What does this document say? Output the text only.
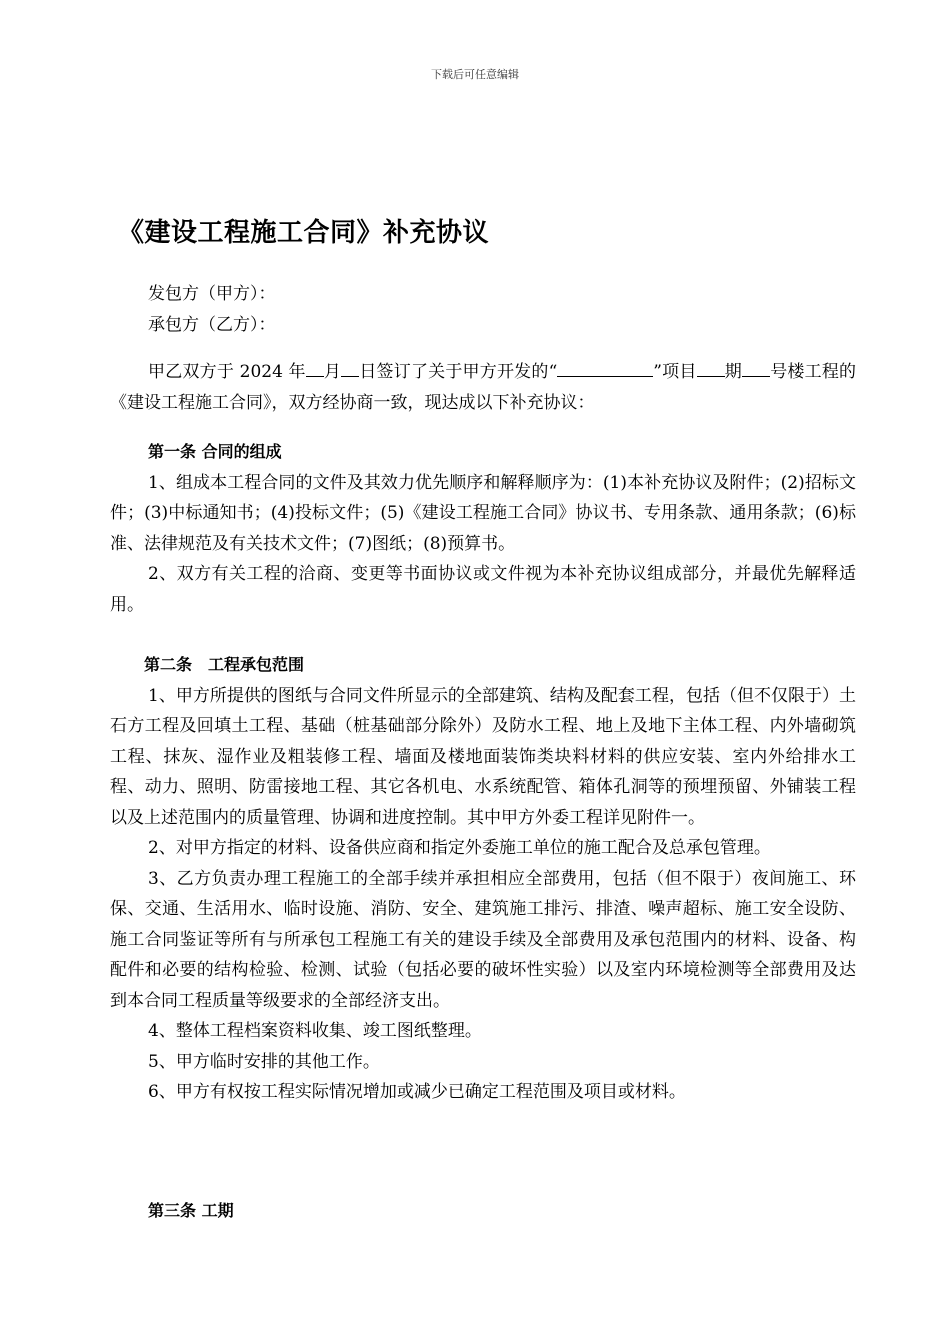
下载后可任意编辑
《建设工程施工合同》补充协议

发包方（甲方）：

承包方（乙方）：

甲乙双方于 2024 年 月 日签订了关于甲方开发的“	”项目 期 号楼工程的《建设工程施工合同》，双方经协商一致，现达成以下补充协议：

第一条 合同的组成

1、组成本工程合同的文件及其效力优先顺序和解释顺序为：(1)本补充协议及附件；(2)招标文件；(3)中标通知书；(4)投标文件；(5)《建设工程施工合同》协议书、专用条款、通用条款；(6)标准、法律规范及有关技术文件；(7)图纸；(8)预算书。

2、双方有关工程的洽商、变更等书面协议或文件视为本补充协议组成部分，并最优先解释适用。

第二条　工程承包范围

1、甲方所提供的图纸与合同文件所显示的全部建筑、结构及配套工程，包括（但不仅限于）土石方工程及回填土工程、基础（桩基础部分除外）及防水工程、地上及地下主体工程、内外墙砌筑工程、抹灰、湿作业及粗装修工程、墙面及楼地面装饰类块料材料的供应安装、室内外给排水工程、动力、照明、防雷接地工程、其它各机电、水系统配管、箱体孔洞等的预埋预留、外铺装工程以及上述范围内的质量管理、协调和进度控制。其中甲方外委工程详见附件一。

2、对甲方指定的材料、设备供应商和指定外委施工单位的施工配合及总承包管理。

3、乙方负责办理工程施工的全部手续并承担相应全部费用，包括（但不限于）夜间施工、环保、交通、生活用水、临时设施、消防、安全、建筑施工排污、排渣、噪声超标、施工安全设防、施工合同鉴证等所有与所承包工程施工有关的建设手续及全部费用及承包范围内的材料、设备、构配件和必要的结构检验、检测、试验（包括必要的破坏性实验）以及室内环境检测等全部费用及达到本合同工程质量等级要求的全部经济支出。

4、整体工程档案资料收集、竣工图纸整理。

5、甲方临时安排的其他工作。

6、甲方有权按工程实际情况增加或减少已确定工程范围及项目或材料。

第三条 工期
